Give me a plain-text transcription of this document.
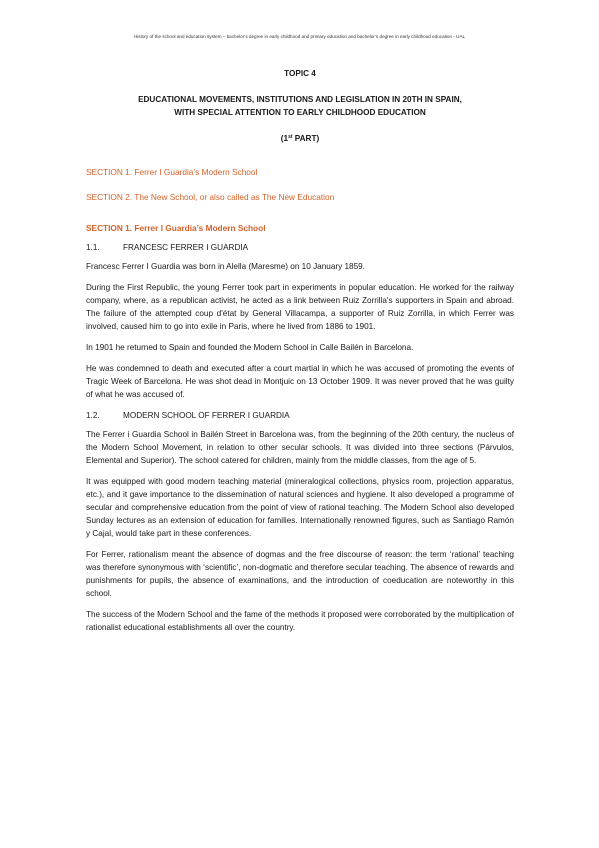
History of the school and education system – bachelor’s degree in early childhood and primary education and bachelor’s degree in early childhood education - UAL
TOPIC 4
EDUCATIONAL MOVEMENTS, INSTITUTIONS AND LEGISLATION IN 20TH IN SPAIN,
WITH SPECIAL ATTENTION TO EARLY CHILDHOOD EDUCATION
(1st PART)
SECTION 1. Ferrer I Guardia’s Modern School
SECTION 2. The New School, or also called as The New Education
SECTION 1. Ferrer I Guardia’s Modern School
1.1.	FRANCESC FERRER I GUARDIA

Francesc Ferrer I Guardia was born in Alella (Maresme) on 10 January 1859.

During the First Republic, the young Ferrer took part in experiments in popular education. He worked for the railway company, where, as a republican activist, he acted as a link between Ruiz Zorrilla's supporters in Spain and abroad. The failure of the attempted coup d'état by General Villacampa, a supporter of Ruiz Zorrilla, in which Ferrer was involved, caused him to go into exile in Paris, where he lived from 1886 to 1901.

In 1901 he returned to Spain and founded the Modern School in Calle Bailén in Barcelona.

He was condemned to death and executed after a court martial in which he was accused of promoting the events of Tragic Week of Barcelona. He was shot dead in Montjuic on 13 October 1909. It was never proved that he was guilty of what he was accused of.

1.2.	MODERN SCHOOL OF FERRER I GUARDIA

The Ferrer i Guardia School in Bailén Street in Barcelona was, from the beginning of the 20th century, the nucleus of the Modern School Movement, in relation to other secular schools. It was divided into three sections (Párvulos, Elemental and Superior). The school catered for children, mainly from the middle classes, from the age of 5.

It was equipped with good modern teaching material (mineralogical collections, physics room, projection apparatus, etc.), and it gave importance to the dissemination of natural sciences and hygiene. It also developed a programme of secular and comprehensive education from the point of view of rational teaching. The Modern School also developed Sunday lectures as an extension of education for families. Internationally renowned figures, such as Santiago Ramón y Cajal, would take part in these conferences.

For Ferrer, rationalism meant the absence of dogmas and the free discourse of reason: the term ‘rational’ teaching was therefore synonymous with ‘scientific’, non-dogmatic and therefore secular teaching. The absence of rewards and punishments for pupils, the absence of examinations, and the introduction of coeducation are noteworthy in this school.

The success of the Modern School and the fame of the methods it proposed were corroborated by the multiplication of rationalist educational establishments all over the country.
